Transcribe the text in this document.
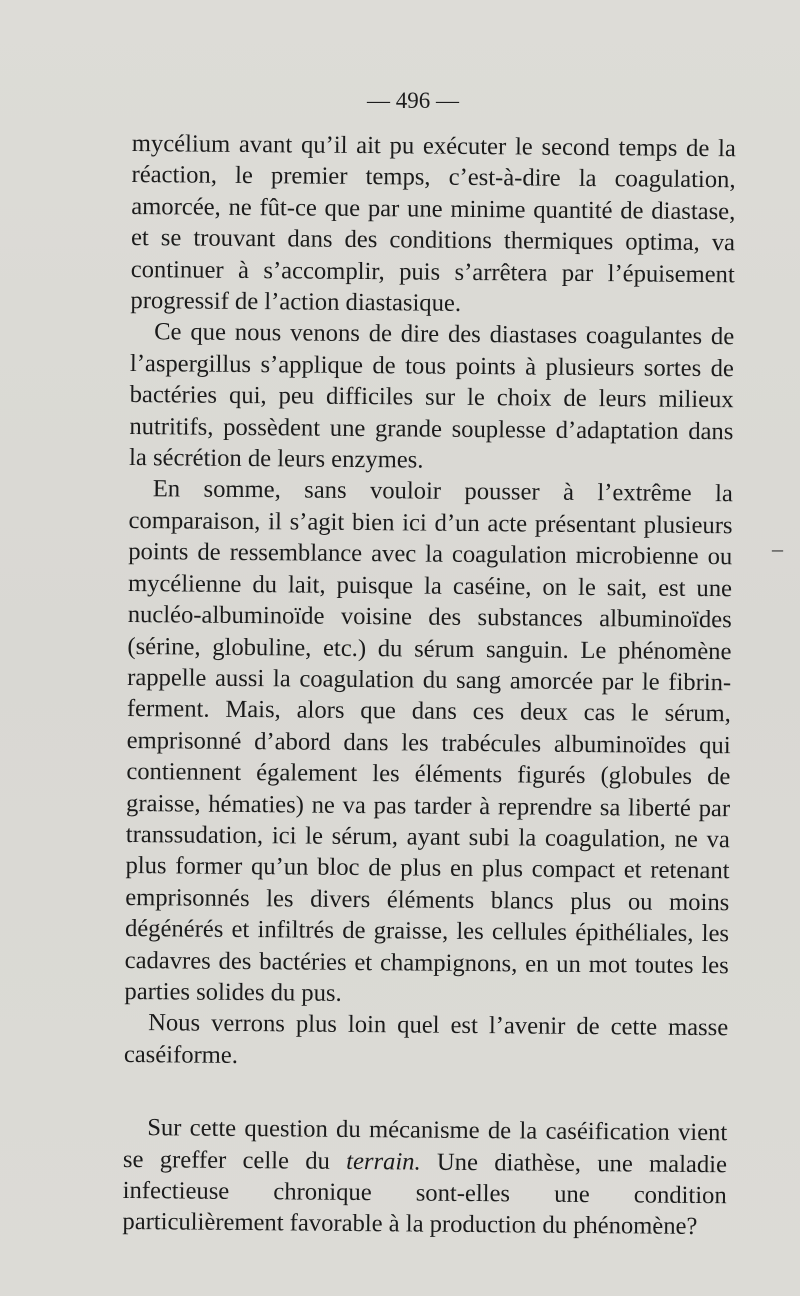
— 496 —

mycélium avant qu’il ait pu exécuter le second temps de la réaction, le premier temps, c’est-à-dire la coagulation, amorcée, ne fût-ce que par une minime quantité de diastase, et se trouvant dans des conditions thermiques optima, va continuer à s’accomplir, puis s’arrêtera par l’épuisement progressif de l’action diastasique.

Ce que nous venons de dire des diastases coagulantes de l’aspergillus s’applique de tous points à plusieurs sortes de bactéries qui, peu difficiles sur le choix de leurs milieux nutritifs, possèdent une grande souplesse d’adaptation dans la sécrétion de leurs enzymes.

En somme, sans vouloir pousser à l’extrême la comparaison, il s’agit bien ici d’un acte présentant plusieurs points de ressemblance avec la coagulation microbienne ou mycélienne du lait, puisque la caséine, on le sait, est une nucléo-albuminoïde voisine des substances albuminoïdes (sérine, globuline, etc.) du sérum sanguin. Le phénomène rappelle aussi la coagulation du sang amorcée par le fibrin-ferment. Mais, alors que dans ces deux cas le sérum, emprisonné d’abord dans les trabécules albuminoïdes qui contiennent également les éléments figurés (globules de graisse, hématies) ne va pas tarder à reprendre sa liberté par transsudation, ici le sérum, ayant subi la coagulation, ne va plus former qu’un bloc de plus en plus compact et retenant emprisonnés les divers éléments blancs plus ou moins dégénérés et infiltrés de graisse, les cellules épithéliales, les cadavres des bactéries et champignons, en un mot toutes les parties solides du pus.

Nous verrons plus loin quel est l’avenir de cette masse caséiforme.

Sur cette question du mécanisme de la caséification vient se greffer celle du terrain. Une diathèse, une maladie infectieuse chronique sont-elles une condition particulièrement favorable à la production du phénomène?

–
